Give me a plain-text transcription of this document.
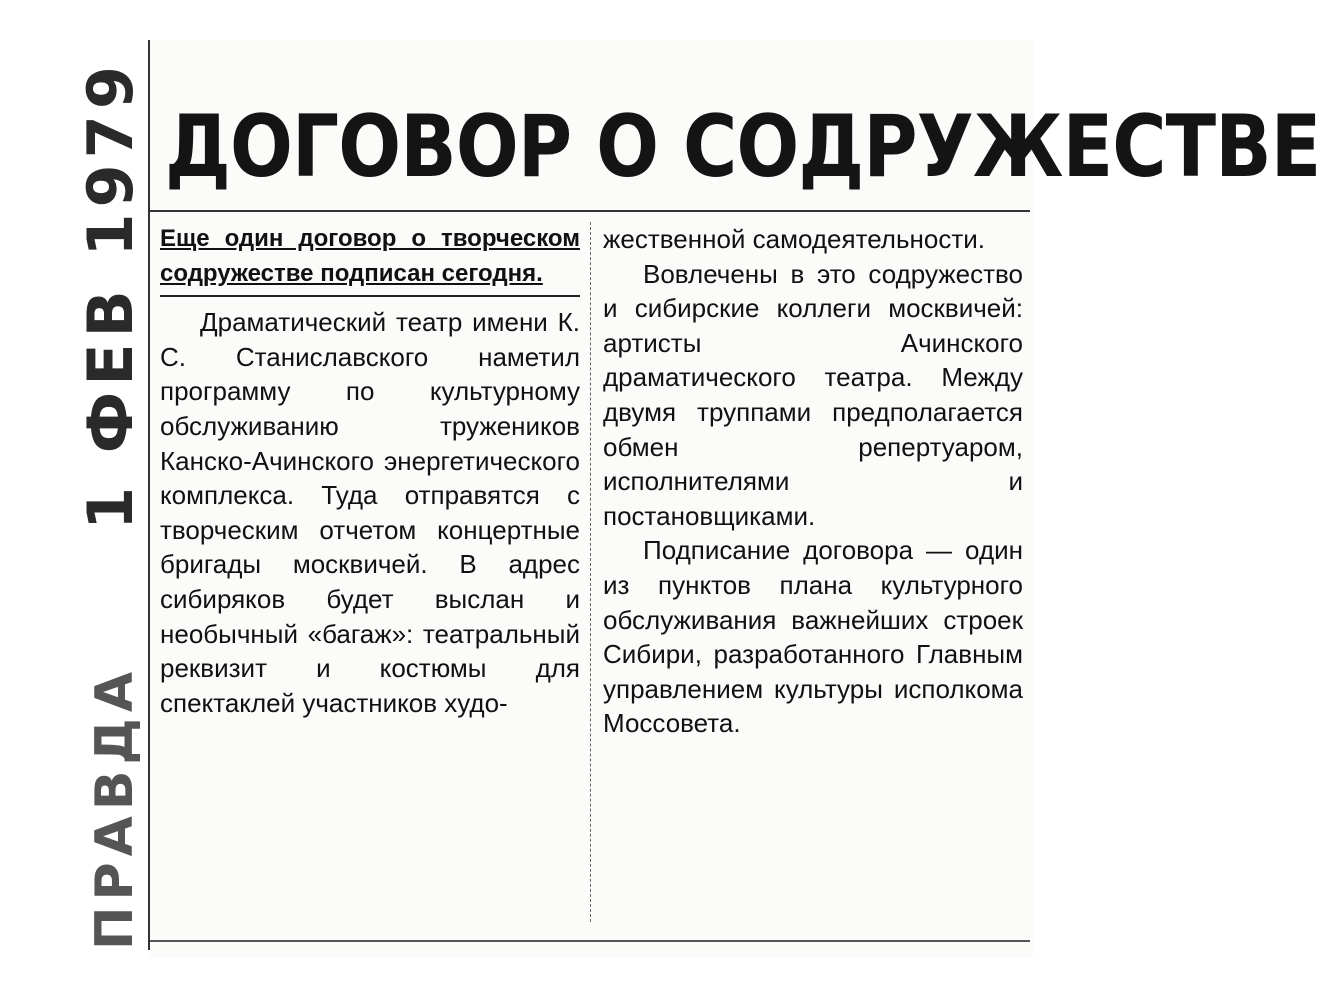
1 ФЕВ 1979
ПРАВДА
ДОГОВОР О СОДРУЖЕСТВЕ
Еще один договор о творческом содружестве подписан сегодня.

Драматический театр имени К. С. Станиславского наметил программу по культурному обслуживанию тружеников Канско-Ачинского энергетического комплекса. Туда отправятся с творческим отчетом концертные бригады москвичей. В адрес сибиряков будет выслан и необычный «багаж»: театральный реквизит и костюмы для спектаклей участников худо-

жественной самодеятельности.

Вовлечены в это содружество и сибирские коллеги москвичей: артисты Ачинского драматического театра. Между двумя труппами предполагается обмен репертуаром, исполнителями и постановщиками.

Подписание договора — один из пунктов плана культурного обслуживания важнейших строек Сибири, разработанного Главным управлением культуры исполкома Моссовета.
